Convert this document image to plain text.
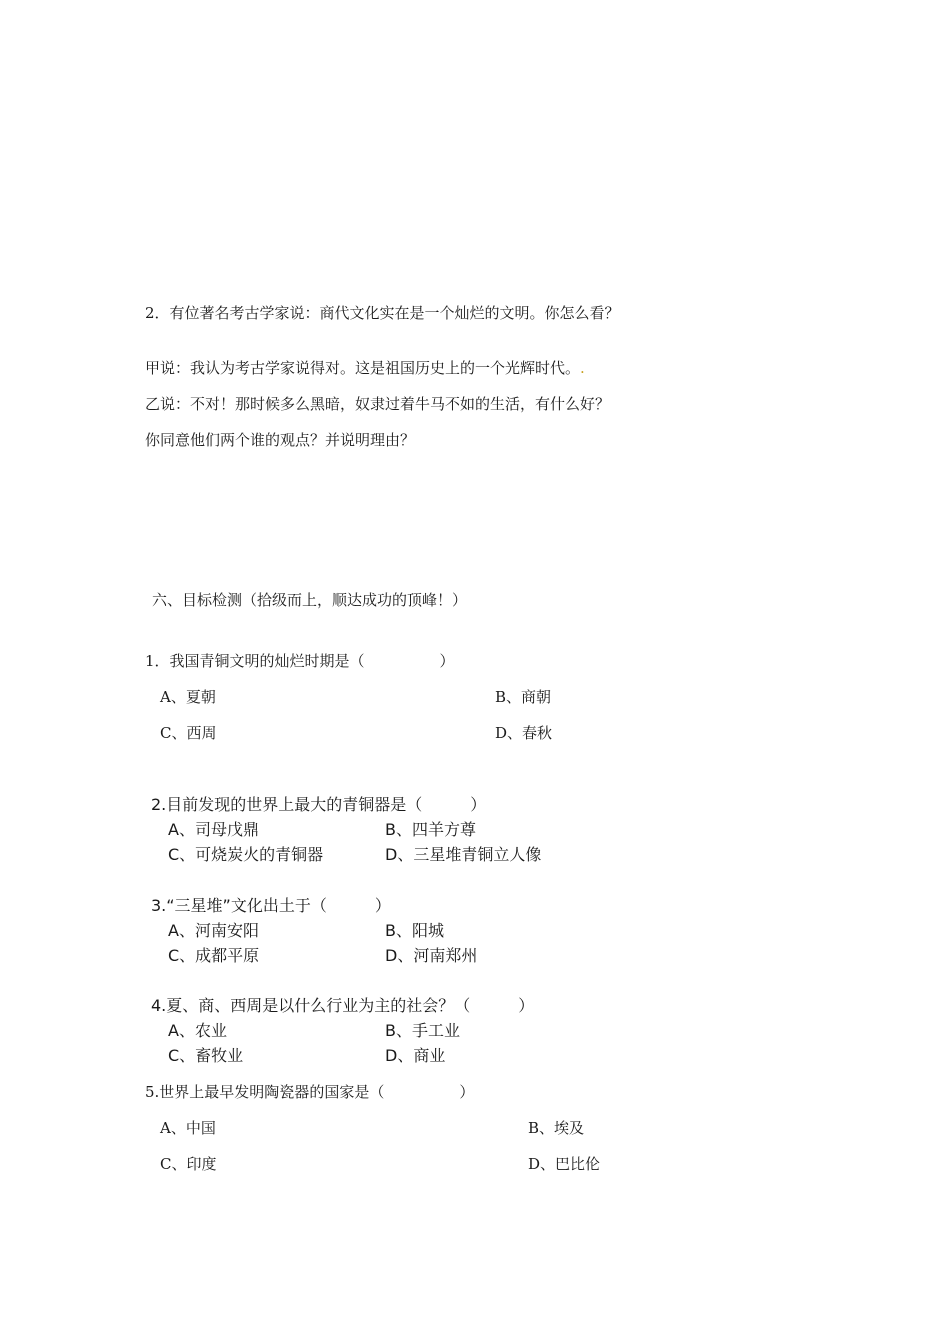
2．有位著名考古学家说：商代文化实在是一个灿烂的文明。你怎么看？
甲说：我认为考古学家说得对。这是祖国历史上的一个光辉时代。.
乙说：不对！那时候多么黑暗，奴隶过着牛马不如的生活，有什么好？
你同意他们两个谁的观点？并说明理由？
六、目标检测（拾级而上，顺达成功的顶峰！）
1．我国青铜文明的灿烂时期是（　　　　　）
A、夏朝	B、商朝
C、西周	D、春秋
2.目前发现的世界上最大的青铜器是（　　　）
A、司母戊鼎	B、四羊方尊
C、可烧炭火的青铜器	D、三星堆青铜立人像
3.“三星堆”文化出土于（　　　）
A、河南安阳	B、阳城
C、成都平原	D、河南郑州
4.夏、商、西周是以什么行业为主的社会？（　　　）
A、农业	B、手工业
C、畜牧业	D、商业
5.世界上最早发明陶瓷器的国家是（　　　　　）
A、中国	B、埃及
C、印度	D、巴比伦
